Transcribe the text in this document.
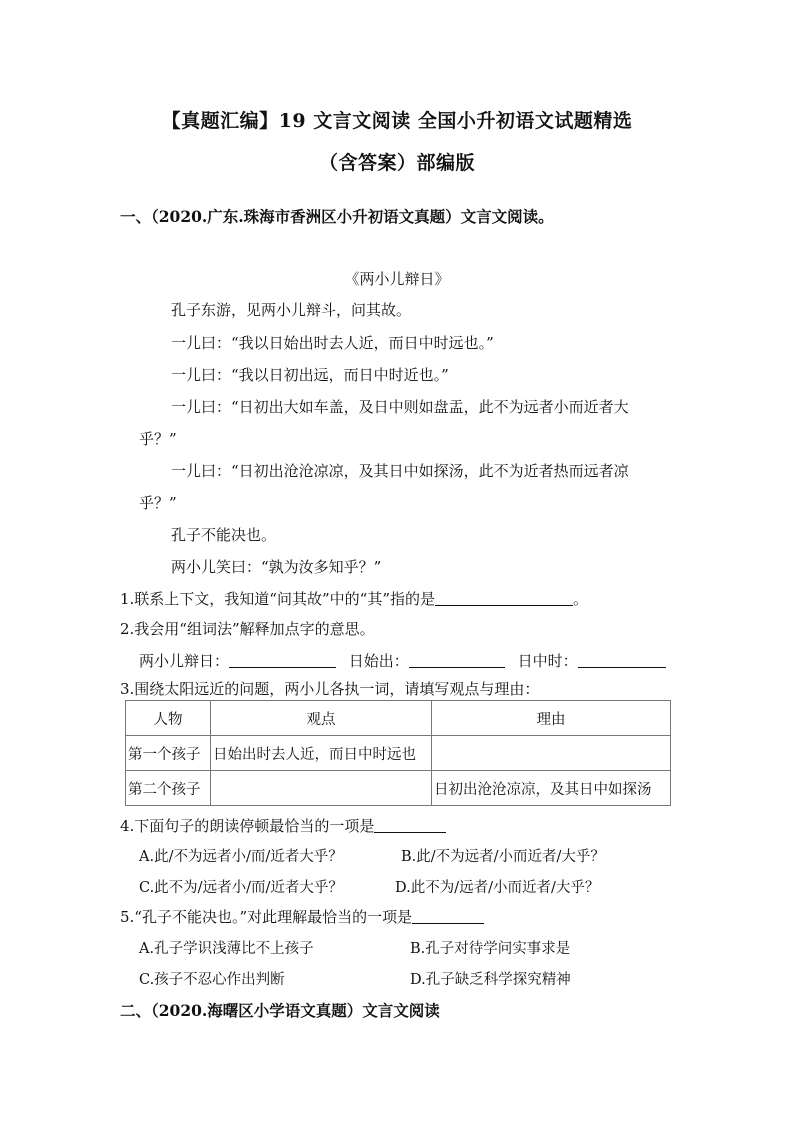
【真题汇编】19 文言文阅读 全国小升初语文试题精选
（含答案）部编版
一、（2020.广东.珠海市香洲区小升初语文真题）文言文阅读。
《两小儿辩日》
孔子东游，见两小儿辩斗，问其故。
一儿曰：“我以日始出时去人近，而日中时远也。”
一儿曰：“我以日初出远，而日中时近也。”
一儿曰：“日初出大如车盖，及日中则如盘盂，此不为远者小而近者大
乎？”
一儿曰：“日初出沧沧凉凉，及其日中如探汤，此不为近者热而远者凉
乎？”
孔子不能决也。
两小儿笑曰：“孰为汝多知乎？”
1.联系上下文，我知道“问其故”中的“其”指的是	。
2.我会用“组词法”解释加点字的意思。
两小儿辩日：	日始出：	日中时：
3.围绕太阳远近的问题，两小儿各执一词，请填写观点与理由：
人物	观点	理由
第一个孩子	日始出时去人近，而日中时远也	
第二个孩子		日初出沧沧凉凉，及其日中如探汤
4.下面句子的朗读停顿最恰当的一项是
A.此/不为远者小/而/近者大乎？	B.此/不为远者/小而近者/大乎？
C.此不为/远者小/而/近者大乎？	D.此不为/远者/小而近者/大乎？
5.“孔子不能决也。”对此理解最恰当的一项是
A.孔子学识浅薄比不上孩子	B.孔子对待学问实事求是
C.孩子不忍心作出判断	D.孔子缺乏科学探究精神
二、（2020.海曙区小学语文真题）文言文阅读
